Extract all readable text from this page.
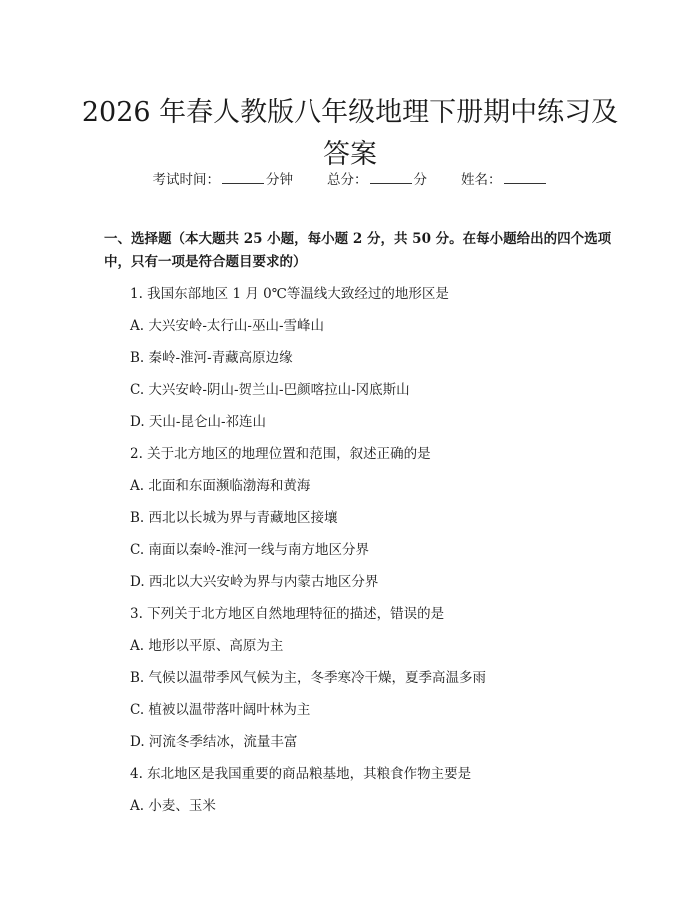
2026 年春人教版八年级地理下册期中练习及答案
考试时间：	分钟	总分：	分	姓名：
一、选择题（本大题共 25 小题，每小题 2 分，共 50 分。在每小题给出的四个选项中，只有一项是符合题目要求的）
1. 我国东部地区 1 月 0℃等温线大致经过的地形区是
A. 大兴安岭-太行山-巫山-雪峰山
B. 秦岭-淮河-青藏高原边缘
C. 大兴安岭-阴山-贺兰山-巴颜喀拉山-冈底斯山
D. 天山-昆仑山-祁连山
2. 关于北方地区的地理位置和范围，叙述正确的是
A. 北面和东面濒临渤海和黄海
B. 西北以长城为界与青藏地区接壤
C. 南面以秦岭-淮河一线与南方地区分界
D. 西北以大兴安岭为界与内蒙古地区分界
3. 下列关于北方地区自然地理特征的描述，错误的是
A. 地形以平原、高原为主
B. 气候以温带季风气候为主，冬季寒冷干燥，夏季高温多雨
C. 植被以温带落叶阔叶林为主
D. 河流冬季结冰，流量丰富
4. 东北地区是我国重要的商品粮基地，其粮食作物主要是
A. 小麦、玉米
